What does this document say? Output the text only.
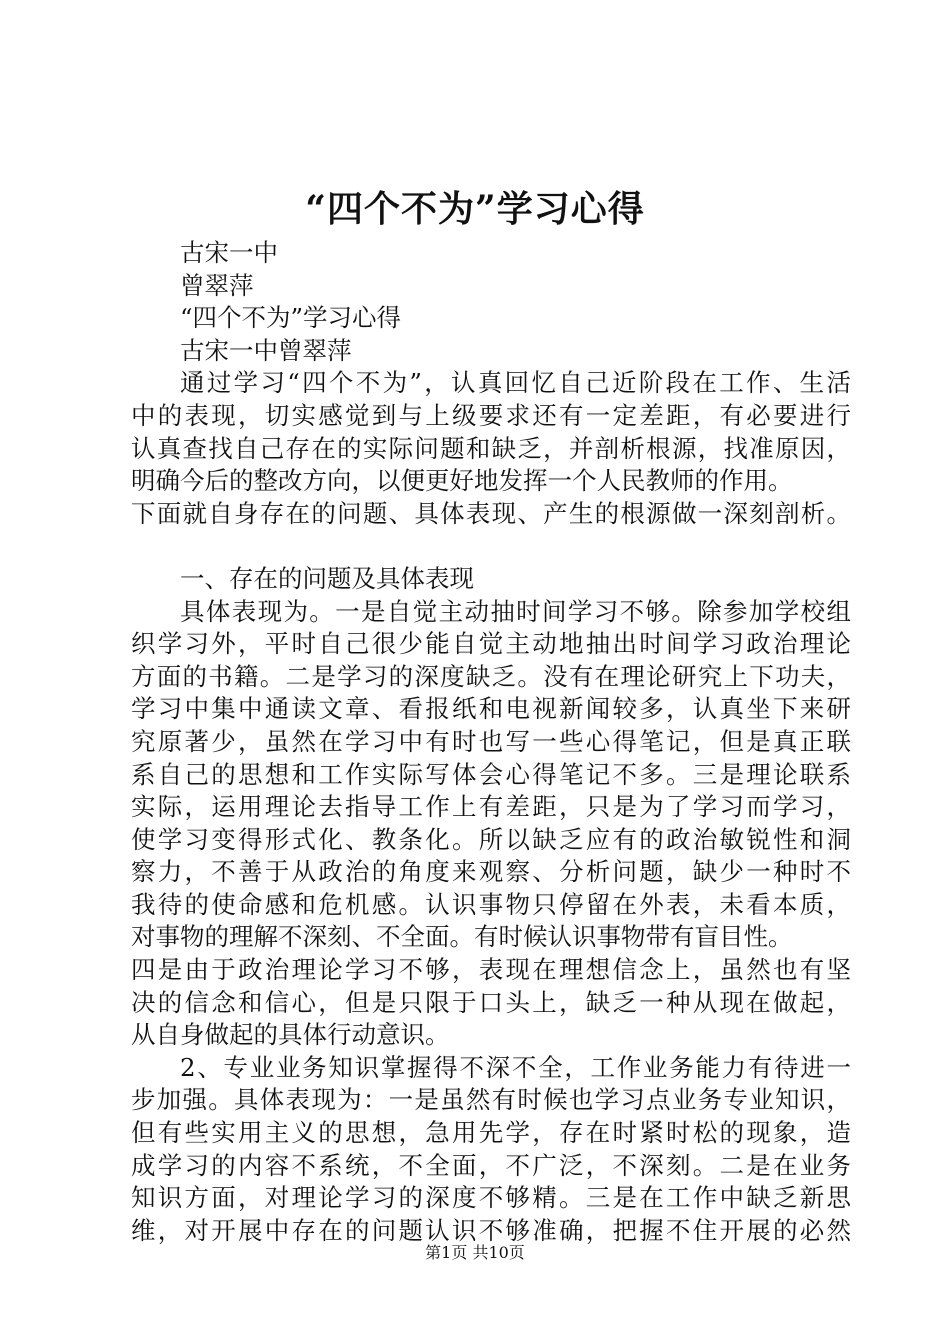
“四个不为”学习心得
古宋一中
曾翠萍
“四个不为”学习心得
古宋一中曾翠萍
通过学习“四个不为”，认真回忆自己近阶段在工作、生活
中的表现，切实感觉到与上级要求还有一定差距，有必要进行
认真查找自己存在的实际问题和缺乏，并剖析根源，找准原因，
明确今后的整改方向，以便更好地发挥一个人民教师的作用。
下面就自身存在的问题、具体表现、产生的根源做一深刻剖析。
一、存在的问题及具体表现
具体表现为。一是自觉主动抽时间学习不够。除参加学校组
织学习外，平时自己很少能自觉主动地抽出时间学习政治理论
方面的书籍。二是学习的深度缺乏。没有在理论研究上下功夫，
学习中集中通读文章、看报纸和电视新闻较多，认真坐下来研
究原著少，虽然在学习中有时也写一些心得笔记，但是真正联
系自己的思想和工作实际写体会心得笔记不多。三是理论联系
实际，运用理论去指导工作上有差距，只是为了学习而学习，
使学习变得形式化、教条化。所以缺乏应有的政治敏锐性和洞
察力，不善于从政治的角度来观察、分析问题，缺少一种时不
我待的使命感和危机感。认识事物只停留在外表，未看本质，
对事物的理解不深刻、不全面。有时候认识事物带有盲目性。
四是由于政治理论学习不够，表现在理想信念上，虽然也有坚
决的信念和信心，但是只限于口头上，缺乏一种从现在做起，
从自身做起的具体行动意识。
2、专业业务知识掌握得不深不全，工作业务能力有待进一
步加强。具体表现为：一是虽然有时候也学习点业务专业知识，
但有些实用主义的思想，急用先学，存在时紧时松的现象，造
成学习的内容不系统，不全面，不广泛，不深刻。二是在业务
知识方面，对理论学习的深度不够精。三是在工作中缺乏新思
维，对开展中存在的问题认识不够准确，把握不住开展的必然
第1页 共10页
